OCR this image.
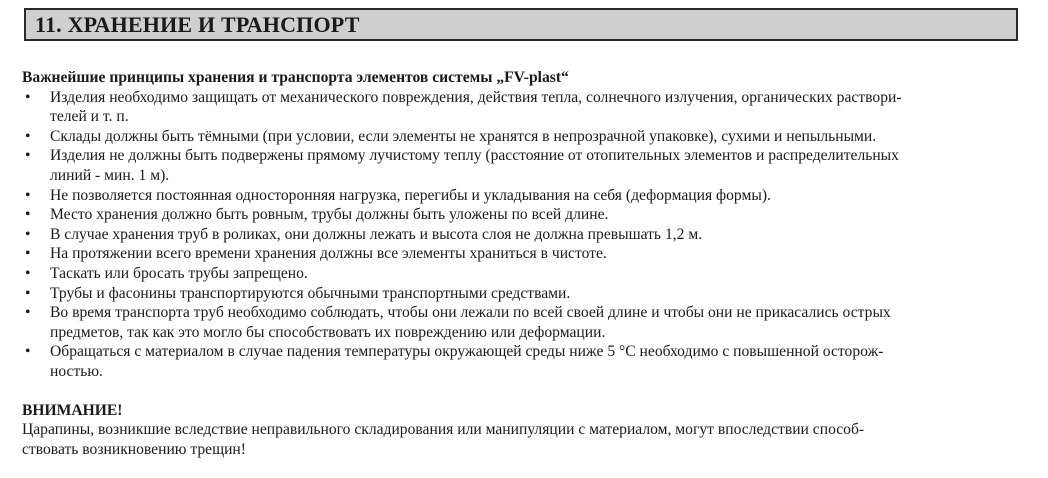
11. ХРАНЕНИЕ И ТРАНСПОРТ
Важнейшие принципы хранения и транспорта элементов системы „FV-plast“
• Изделия необходимо защищать от механического повреждения, действия тепла, солнечного излучения, органических раствори-
телей и т. п.
• Склады должны быть тёмными (при условии, если элементы не хранятся в непрозрачной упаковке), сухими и непыльными.
• Изделия не должны быть подвержены прямому лучистому теплу (расстояние от отопительных элементов и распределительных
линий - мин. 1 м).
• Не позволяется постоянная односторонняя нагрузка, перегибы и укладывания на себя (деформация формы).
• Место хранения должно быть ровным, трубы должны быть уложены по всей длине.
• В случае хранения труб в роликах, они должны лежать и высота слоя не должна превышать 1,2 м.
• На протяжении всего времени хранения должны все элементы храниться в чистоте.
• Таскать или бросать трубы запрещено.
• Трубы и фасонины транспортируются обычными транспортными средствами.
• Во время транспорта труб необходимо соблюдать, чтобы они лежали по всей своей длине и чтобы они не прикасались острых
предметов, так как это могло бы способствовать их повреждению или деформации.
• Обращаться с материалом в случае падения температуры окружающей среды ниже 5 °С необходимо с повышенной осторож-
ностью.
ВНИМАНИЕ!
Царапины, возникшие вследствие неправильного складирования или манипуляции с материалом, могут впоследствии способ-
ствовать возникновению трещин!
